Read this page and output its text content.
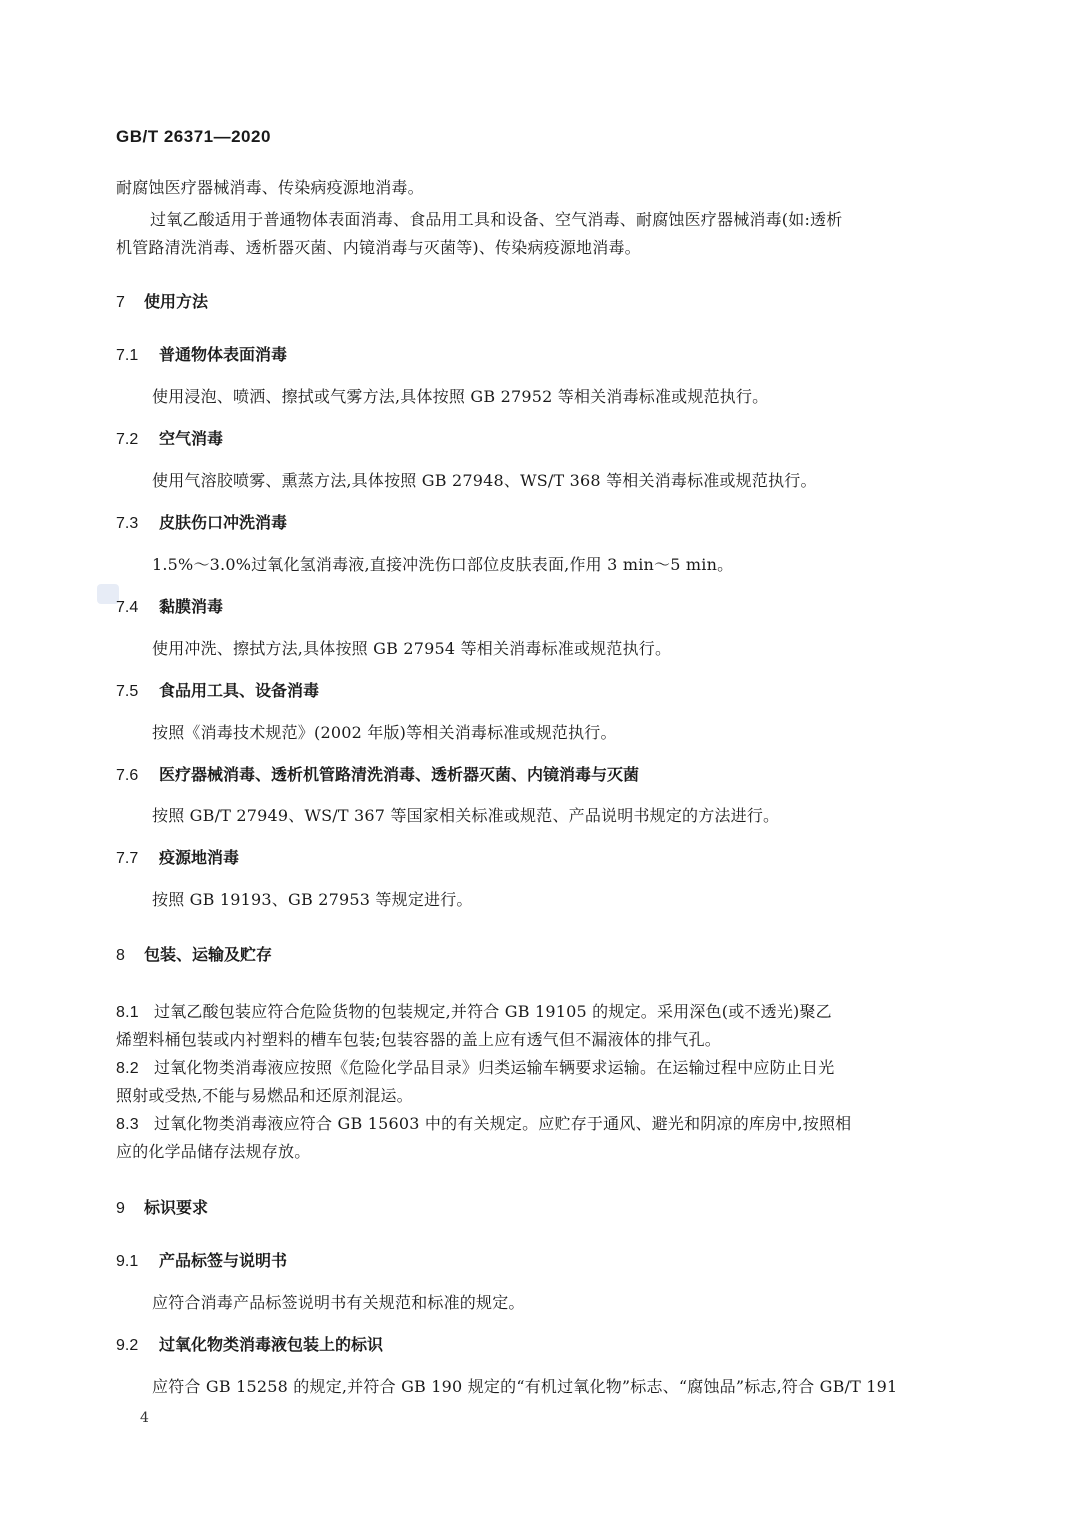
GB/T 26371—2020
耐腐蚀医疗器械消毒、传染病疫源地消毒。
过氧乙酸适用于普通物体表面消毒、食品用工具和设备、空气消毒、耐腐蚀医疗器械消毒(如:透析
机管路清洗消毒、透析器灭菌、内镜消毒与灭菌等)、传染病疫源地消毒。
7 使用方法
7.1 普通物体表面消毒
使用浸泡、喷洒、擦拭或气雾方法,具体按照 GB 27952 等相关消毒标准或规范执行。
7.2 空气消毒
使用气溶胶喷雾、熏蒸方法,具体按照 GB 27948、WS/T 368 等相关消毒标准或规范执行。
7.3 皮肤伤口冲洗消毒
1.5%～3.0%过氧化氢消毒液,直接冲洗伤口部位皮肤表面,作用 3 min～5 min。
7.4 黏膜消毒
使用冲洗、擦拭方法,具体按照 GB 27954 等相关消毒标准或规范执行。
7.5 食品用工具、设备消毒
按照《消毒技术规范》(2002 年版)等相关消毒标准或规范执行。
7.6 医疗器械消毒、透析机管路清洗消毒、透析器灭菌、内镜消毒与灭菌
按照 GB/T 27949、WS/T 367 等国家相关标准或规范、产品说明书规定的方法进行。
7.7 疫源地消毒
按照 GB 19193、GB 27953 等规定进行。
8 包装、运输及贮存
8.1 过氧乙酸包装应符合危险货物的包装规定,并符合 GB 19105 的规定。采用深色(或不透光)聚乙
烯塑料桶包装或内衬塑料的槽车包装;包装容器的盖上应有透气但不漏液体的排气孔。
8.2 过氧化物类消毒液应按照《危险化学品目录》归类运输车辆要求运输。在运输过程中应防止日光
照射或受热,不能与易燃品和还原剂混运。
8.3 过氧化物类消毒液应符合 GB 15603 中的有关规定。应贮存于通风、避光和阴凉的库房中,按照相
应的化学品储存法规存放。
9 标识要求
9.1 产品标签与说明书
应符合消毒产品标签说明书有关规范和标准的规定。
9.2 过氧化物类消毒液包装上的标识
应符合 GB 15258 的规定,并符合 GB 190 规定的“有机过氧化物”标志、“腐蚀品”标志,符合 GB/T 191
4
